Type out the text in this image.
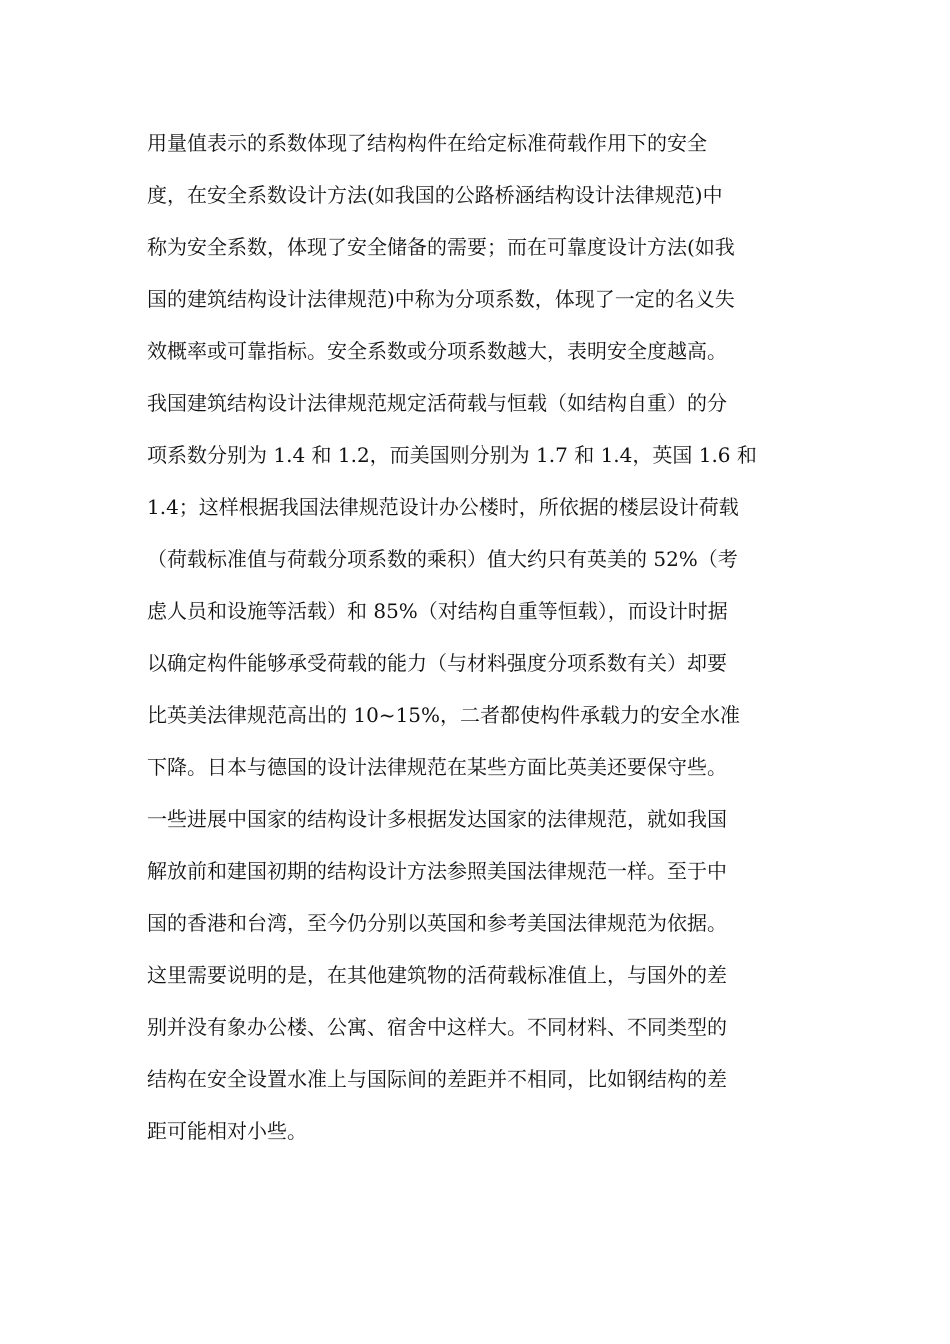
用量值表示的系数体现了结构构件在给定标准荷载作用下的安全
度，在安全系数设计方法(如我国的公路桥涵结构设计法律规范)中
称为安全系数，体现了安全储备的需要；而在可靠度设计方法(如我
国的建筑结构设计法律规范)中称为分项系数，体现了一定的名义失
效概率或可靠指标。安全系数或分项系数越大，表明安全度越高。
我国建筑结构设计法律规范规定活荷载与恒载（如结构自重）的分
项系数分别为 1.4 和 1.2，而美国则分别为 1.7 和 1.4，英国 1.6 和
1.4；这样根据我国法律规范设计办公楼时，所依据的楼层设计荷载
（荷载标准值与荷载分项系数的乘积）值大约只有英美的 52%（考
虑人员和设施等活载）和 85%（对结构自重等恒载），而设计时据
以确定构件能够承受荷载的能力（与材料强度分项系数有关）却要
比英美法律规范高出的 10~15%，二者都使构件承载力的安全水准
下降。日本与德国的设计法律规范在某些方面比英美还要保守些。
一些进展中国家的结构设计多根据发达国家的法律规范，就如我国
解放前和建国初期的结构设计方法参照美国法律规范一样。至于中
国的香港和台湾，至今仍分别以英国和参考美国法律规范为依据。
这里需要说明的是，在其他建筑物的活荷载标准值上，与国外的差
别并没有象办公楼、公寓、宿舍中这样大。不同材料、不同类型的
结构在安全设置水准上与国际间的差距并不相同，比如钢结构的差
距可能相对小些。
